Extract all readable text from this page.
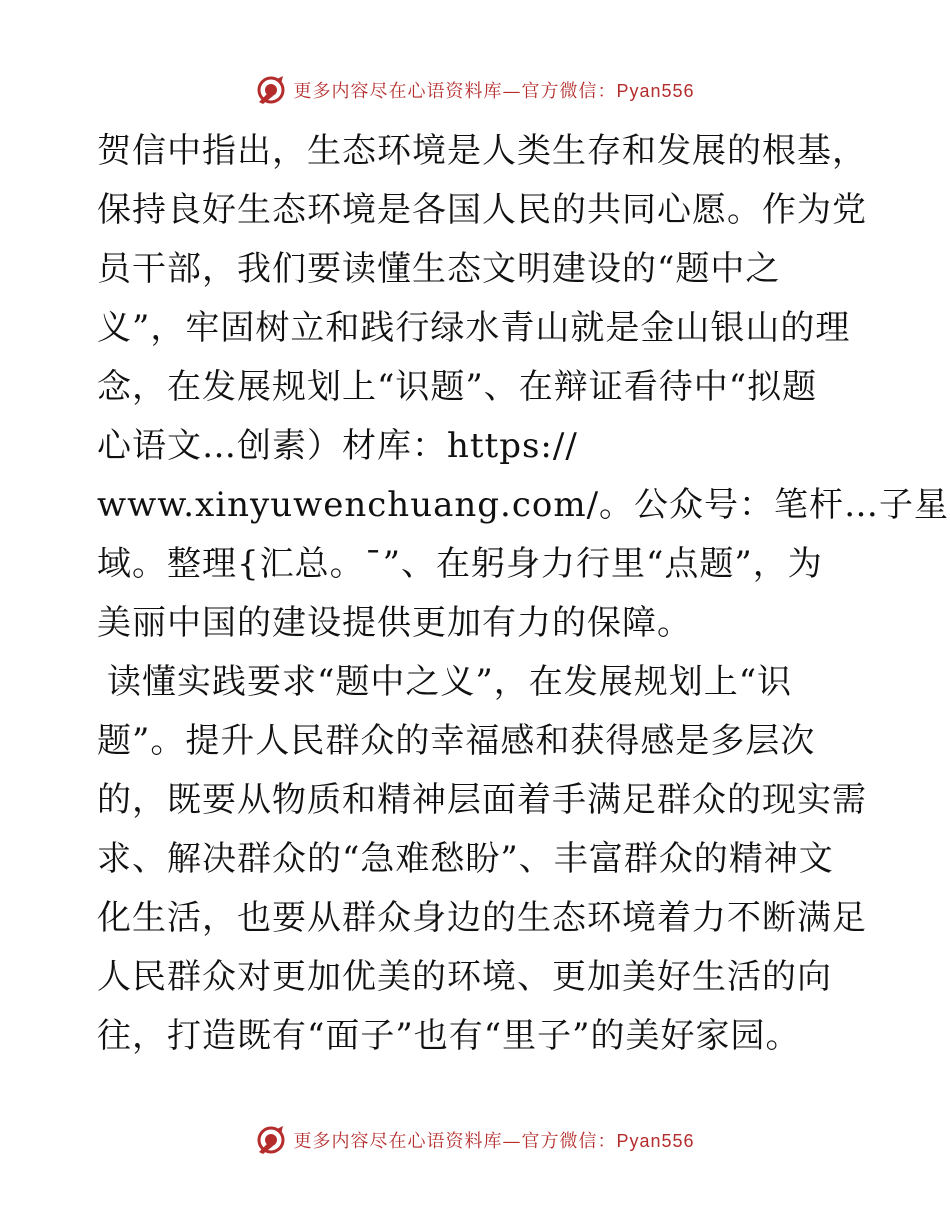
更多内容尽在心语资料库—官方微信：Pyan556

贺信中指出，生态环境是人类生存和发展的根基，
保持良好生态环境是各国人民的共同心愿。作为党
员干部，我们要读懂生态文明建设的“题中之
义”，牢固树立和践行绿水青山就是金山银山的理
念，在发展规划上“识题”、在辩证看待中“拟题
心语文…创素）材库：https://
www.xinyuwenchuang.com/。公众号：笔杆…子星
域。整理{汇总。¯”、在躬身力行里“点题”，为
美丽中国的建设提供更加有力的保障。

读懂实践要求“题中之义”，在发展规划上“识
题”。提升人民群众的幸福感和获得感是多层次
的，既要从物质和精神层面着手满足群众的现实需
求、解决群众的“急难愁盼”、丰富群众的精神文
化生活，也要从群众身边的生态环境着力不断满足
人民群众对更加优美的环境、更加美好生活的向
往，打造既有“面子”也有“里子”的美好家园。

更多内容尽在心语资料库—官方微信：Pyan556
